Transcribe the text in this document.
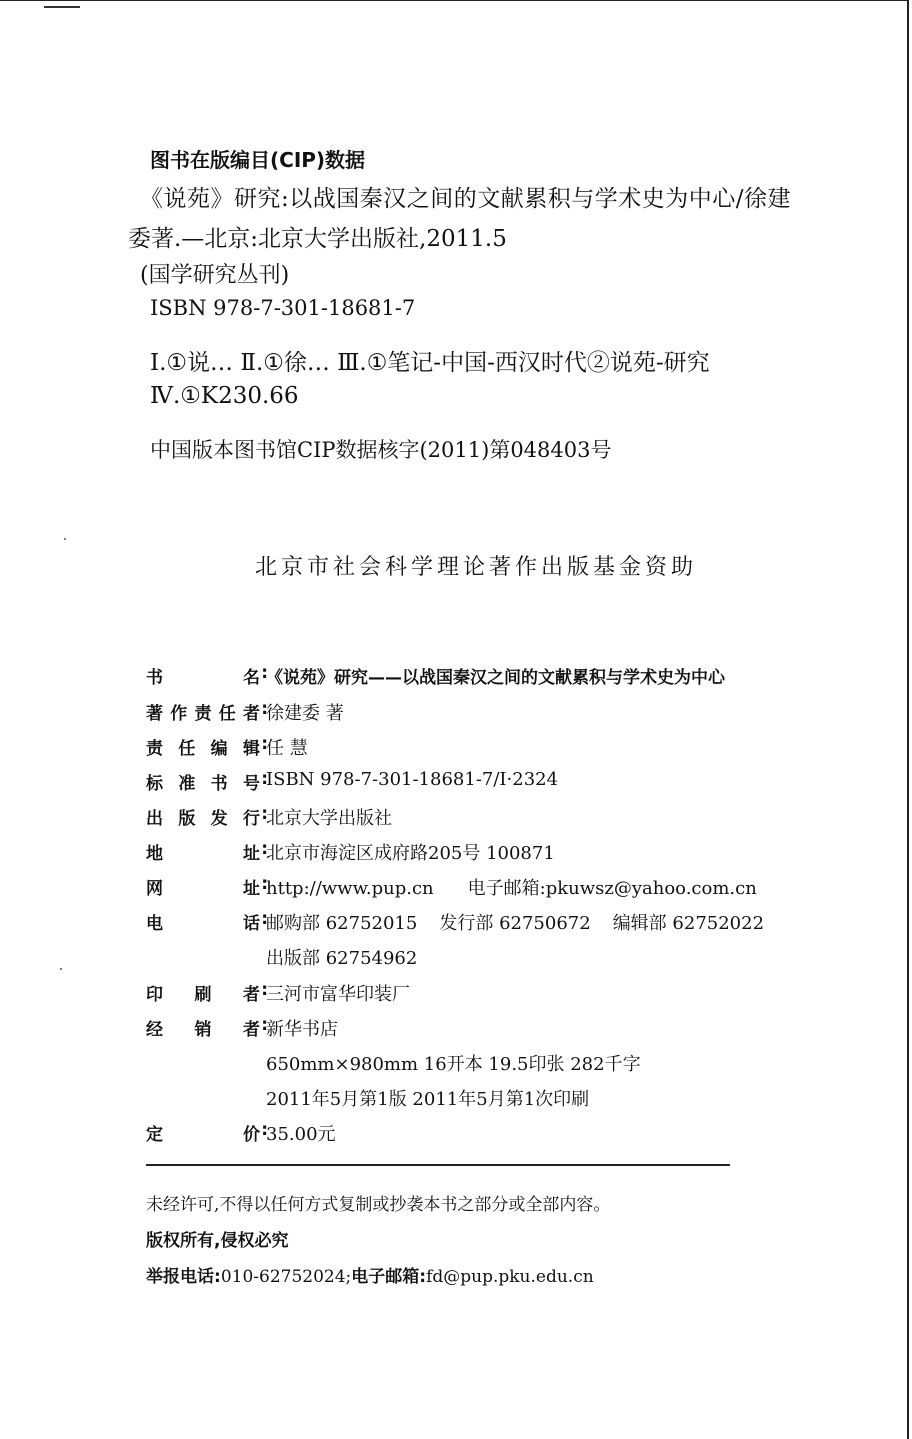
图书在版编目(CIP)数据
《说苑》研究:以战国秦汉之间的文献累积与学术史为中心/徐建
委著.—北京:北京大学出版社,2011.5
(国学研究丛刊)
ISBN 978-7-301-18681-7
Ⅰ.①说… Ⅱ.①徐… Ⅲ.①笔记-中国-西汉时代②说苑-研究
Ⅳ.①K230.66
中国版本图书馆CIP数据核字(2011)第048403号
北京市社会科学理论著作出版基金资助
书	名 :
《说苑》研究——以战国秦汉之间的文献累积与学术史为中心
著 作 责 任 者 :
徐建委 著
责 任 编 辑 :
任 慧
标 准 书 号 :
ISBN 978-7-301-18681-7/I·2324
出 版 发 行 :
北京大学出版社
地	址 :
北京市海淀区成府路205号 100871
网	址 :
http://www.pup.cn 电子邮箱:pkuwsz@yahoo.com.cn
电	话 :
邮购部 62752015 发行部 62750672 编辑部 62752022
出版部 62754962
印 刷 者 :
三河市富华印装厂
经 销 者 :
新华书店
650mm×980mm 16开本 19.5印张 282千字
2011年5月第1版 2011年5月第1次印刷
定	价 :
35.00元
未经许可,不得以任何方式复制或抄袭本书之部分或全部内容。
版权所有,侵权必究
举报电话:010-62752024;电子邮箱:fd@pup.pku.edu.cn
